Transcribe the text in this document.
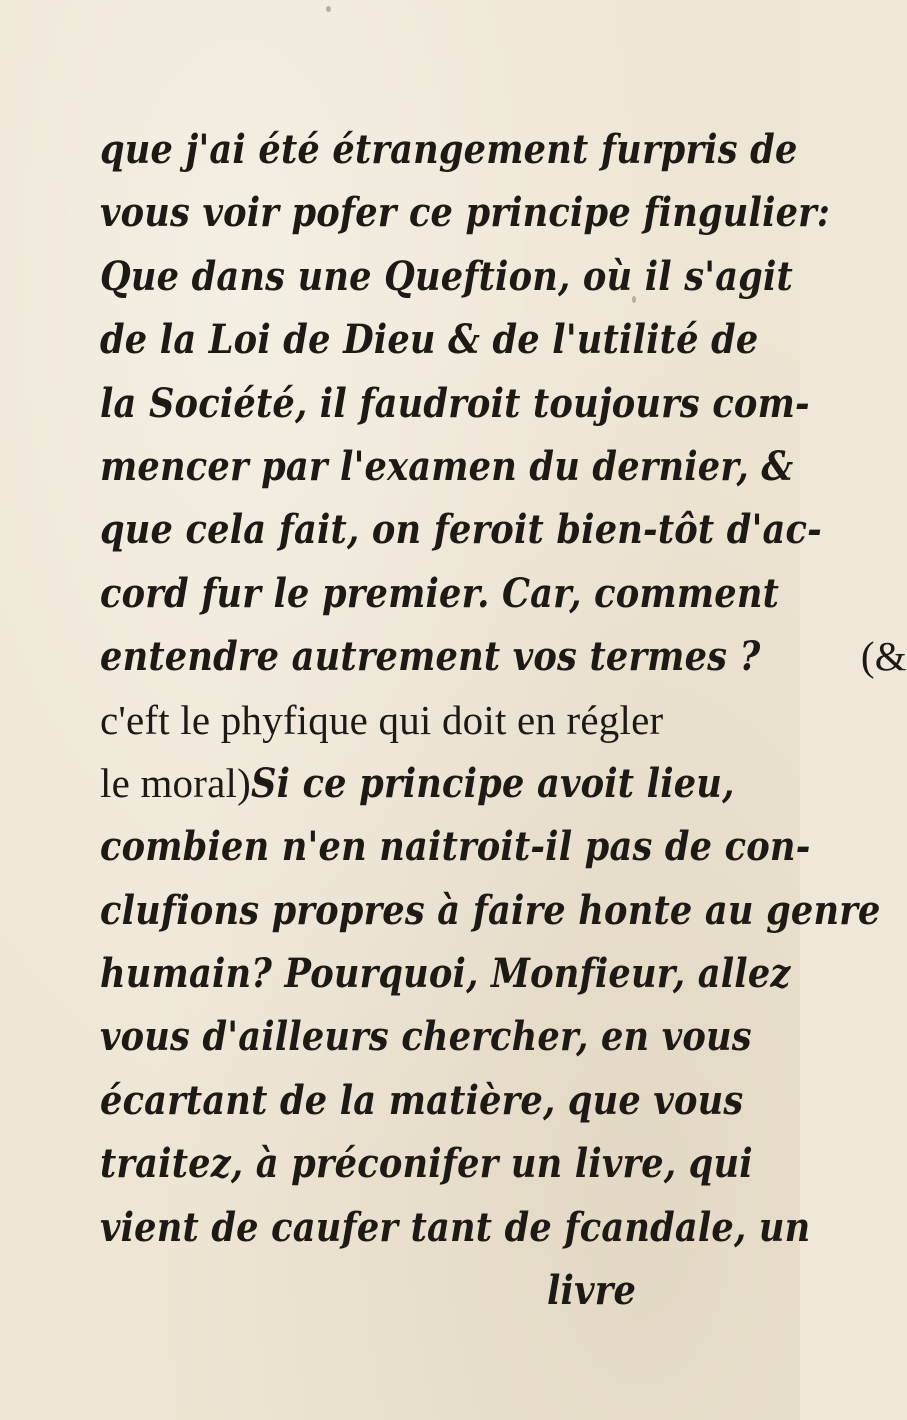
que j'ai été étrangement furpris de
vous voir pofer ce principe fingulier:
Que dans une Queftion, où il s'agit
de la Loi de Dieu & de l'utilité de
la Société, il faudroit toujours com-
mencer par l'examen du dernier, &
que cela fait, on feroit bien-tôt d'ac-
cord fur le premier. Car, comment
entendre autrement vos termes ? (&
c'eft le phyfique qui doit en régler
le moral)Si ce principe avoit lieu,
combien n'en naitroit-il pas de con-
clufions propres à faire honte au genre
humain? Pourquoi, Monfieur, allez
vous d'ailleurs chercher, en vous
écartant de la matière, que vous
traitez, à préconifer un livre, qui
vient de caufer tant de fcandale, un
livre
